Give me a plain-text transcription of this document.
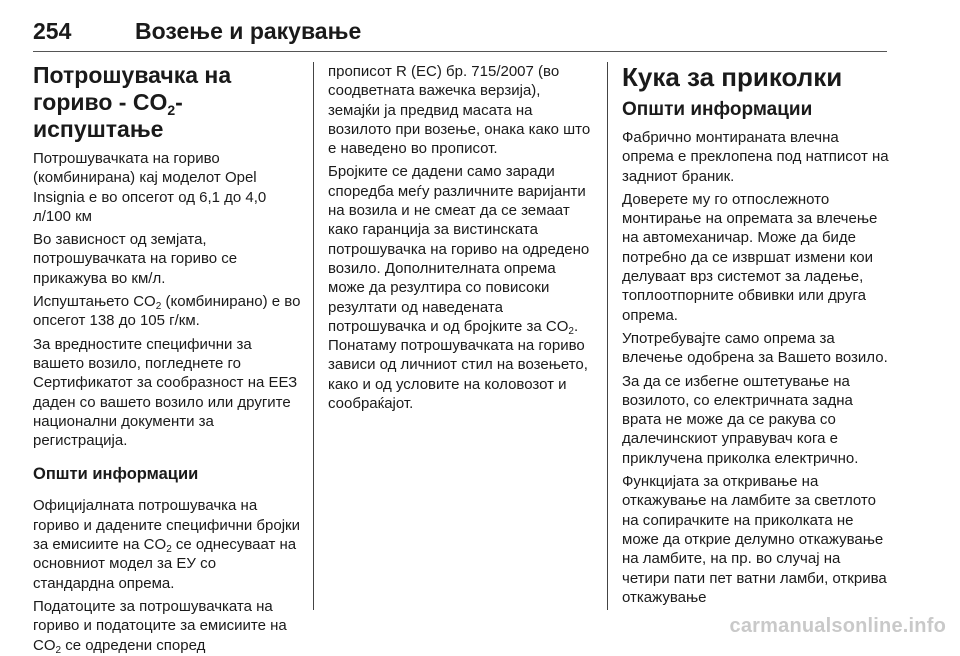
254	Возење и ракување
Потрошувачка на гориво - $CO_2$-испуштање

Потрошувачката на гориво (комбинирана) кај моделот Opel Insignia е во опсегот од 6,1 до 4,0 л/100 км

Во зависност од земјата, потрошувачката на гориво се прикажува во км/л.

Испуштањето $CO_2$ (комбинирано) е во опсегот 138 до 105 г/км.

За вредностите специфични за вашето возило, погледнете го Сертификатот за сообразност на ЕЕЗ даден со вашето возило или другите национални документи за регистрација.

Општи информации

Официјалната потрошувачка на гориво и дадените специфични бројки за емисиите на $CO_2$ се однесуваат на основниот модел за ЕУ со стандардна опрема.

Податоците за потрошувачката на гориво и податоците за емисиите на $CO_2$ се одредени според

прописот R (EC) бр. 715/2007 (во соодветната важечка верзија), земајќи ја предвид масата на возилото при возење, онака како што е наведено во прописот.

Бројките се дадени само заради споредба меѓу различните варијанти на возила и не смеат да се земаат како гаранција за вистинската потрошувачка на гориво на одредено возило. Дополнителната опрема може да резултира со повисоки резултати од наведената потрошувачка и од бројките за $CO_2$. Понатаму потрошувачката на гориво зависи од личниот стил на возењето, како и од условите на коловозот и сообраќајот.

Кука за приколки
Општи информации

Фабрично монтираната влечна опрема е преклопена под натписот на задниот браник.

Доверете му го отпослежното монтирање на опремата за влечење на автомеханичар. Може да биде потребно да се извршат измени кои делуваат врз системот за ладење, топлоотпорните обвивки или друга опрема.

Употребувајте само опрема за влечење одобрена за Вашето возило.

За да се избегне оштетување на возилото, со електричната задна врата не може да се ракува со далечинскиот управувач кога е приклучена приколка електрично.

Функцијата за откривање на откажување на ламбите за светлото на сопирачките на приколката не може да открие делумно откажување на ламбите, на пр. во случај на четири пати пет ватни ламби, открива откажување

carmanualsonline.info
